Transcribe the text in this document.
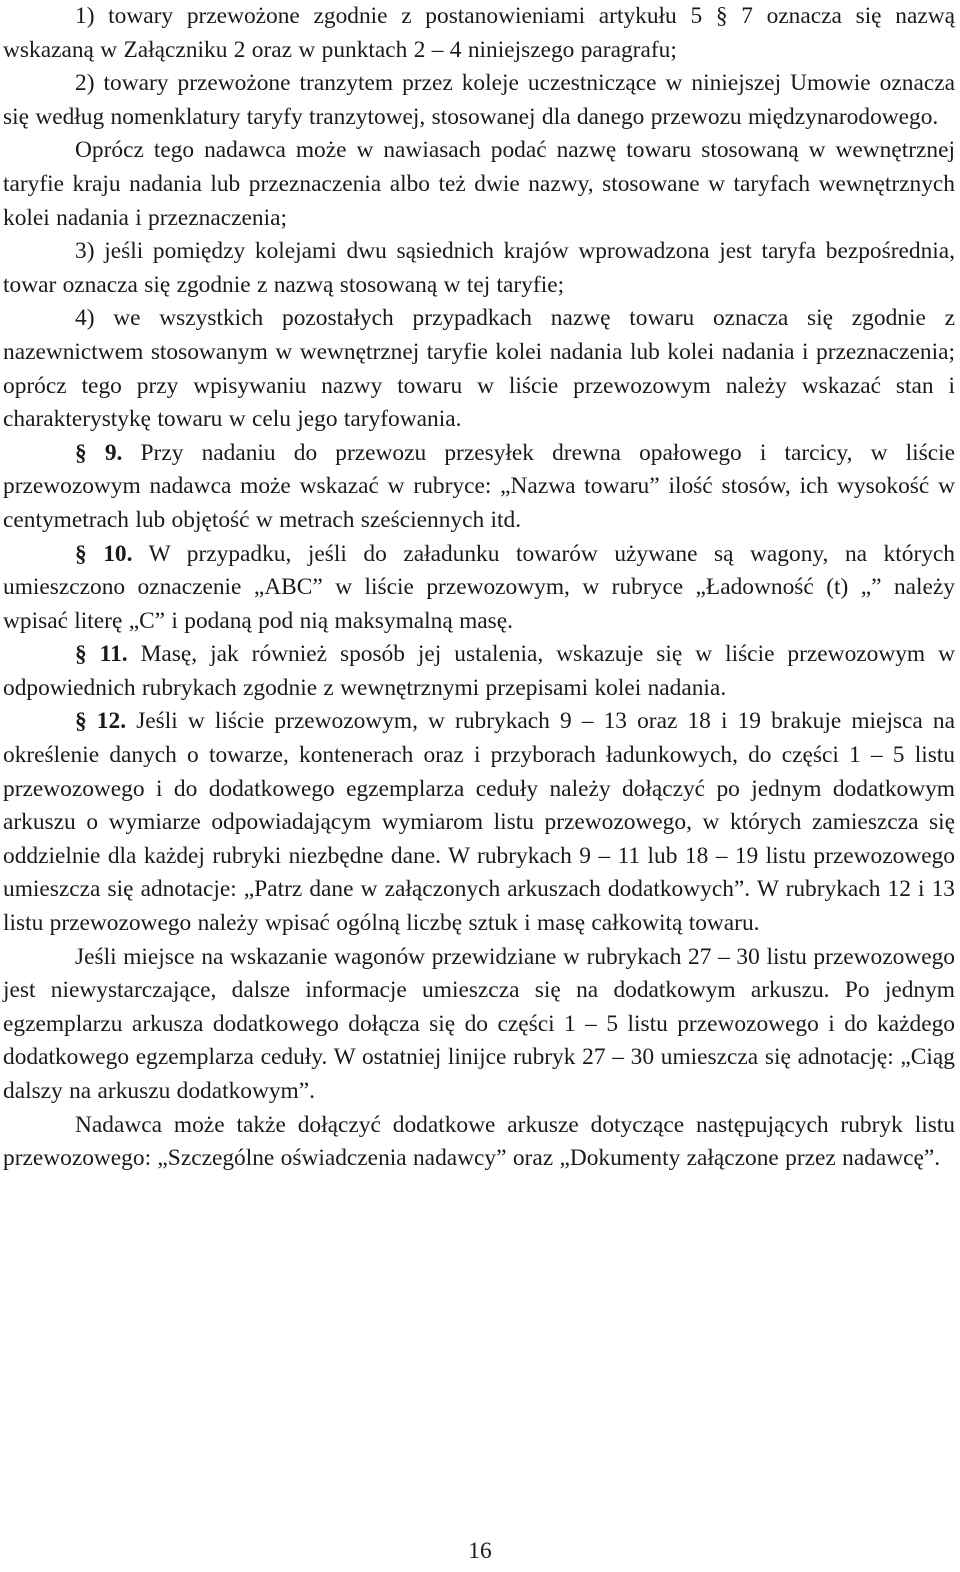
1) towary przewożone zgodnie z postanowieniami artykułu 5 § 7 oznacza się nazwą wskazaną w Załączniku 2 oraz w punktach 2 – 4 niniejszego paragrafu;

2) towary przewożone tranzytem przez koleje uczestniczące w niniejszej Umowie oznacza się według nomenklatury taryfy tranzytowej, stosowanej dla danego przewozu międzynarodowego.

Oprócz tego nadawca może w nawiasach podać nazwę towaru stosowaną w wewnętrznej taryfie kraju nadania lub przeznaczenia albo też dwie nazwy, stosowane w taryfach wewnętrznych kolei nadania i przeznaczenia;

3) jeśli pomiędzy kolejami dwu sąsiednich krajów wprowadzona jest taryfa bezpośrednia, towar oznacza się zgodnie z nazwą stosowaną w tej taryfie;

4) we wszystkich pozostałych przypadkach nazwę towaru oznacza się zgodnie z nazewnictwem stosowanym w wewnętrznej taryfie kolei nadania lub kolei nadania i przeznaczenia; oprócz tego przy wpisywaniu nazwy towaru w liście przewozowym należy wskazać stan i charakterystykę towaru w celu jego taryfowania.

§ 9. Przy nadaniu do przewozu przesyłek drewna opałowego i tarcicy, w liście przewozowym nadawca może wskazać w rubryce: „Nazwa towaru” ilość stosów, ich wysokość w centymetrach lub objętość w metrach sześciennych itd.

§ 10. W przypadku, jeśli do załadunku towarów używane są wagony, na których umieszczono oznaczenie „ABC” w liście przewozowym, w rubryce „Ładowność (t) „” należy wpisać literę „C” i podaną pod nią maksymalną masę.

§ 11. Masę, jak również sposób jej ustalenia, wskazuje się w liście przewozowym w odpowiednich rubrykach zgodnie z wewnętrznymi przepisami kolei nadania.

§ 12. Jeśli w liście przewozowym, w rubrykach 9 – 13 oraz 18 i 19 brakuje miejsca na określenie danych o towarze, kontenerach oraz i przyborach ładunkowych, do części 1 – 5 listu przewozowego i do dodatkowego egzemplarza ceduły należy dołączyć po jednym dodatkowym arkuszu o wymiarze odpowiadającym wymiarom listu przewozowego, w których zamieszcza się oddzielnie dla każdej rubryki niezbędne dane. W rubrykach 9 – 11 lub 18 – 19 listu przewozowego umieszcza się adnotacje: „Patrz dane w załączonych arkuszach dodatkowych”. W rubrykach 12 i 13 listu przewozowego należy wpisać ogólną liczbę sztuk i masę całkowitą towaru.

Jeśli miejsce na wskazanie wagonów przewidziane w rubrykach 27 – 30 listu przewozowego jest niewystarczające, dalsze informacje umieszcza się na dodatkowym arkuszu. Po jednym egzemplarzu arkusza dodatkowego dołącza się do części 1 – 5 listu przewozowego i do każdego dodatkowego egzemplarza ceduły. W ostatniej linijce rubryk 27 – 30 umieszcza się adnotację: „Ciąg dalszy na arkuszu dodatkowym”.

Nadawca może także dołączyć dodatkowe arkusze dotyczące następujących rubryk listu przewozowego: „Szczególne oświadczenia nadawcy” oraz „Dokumenty załączone przez nadawcę”.

16
